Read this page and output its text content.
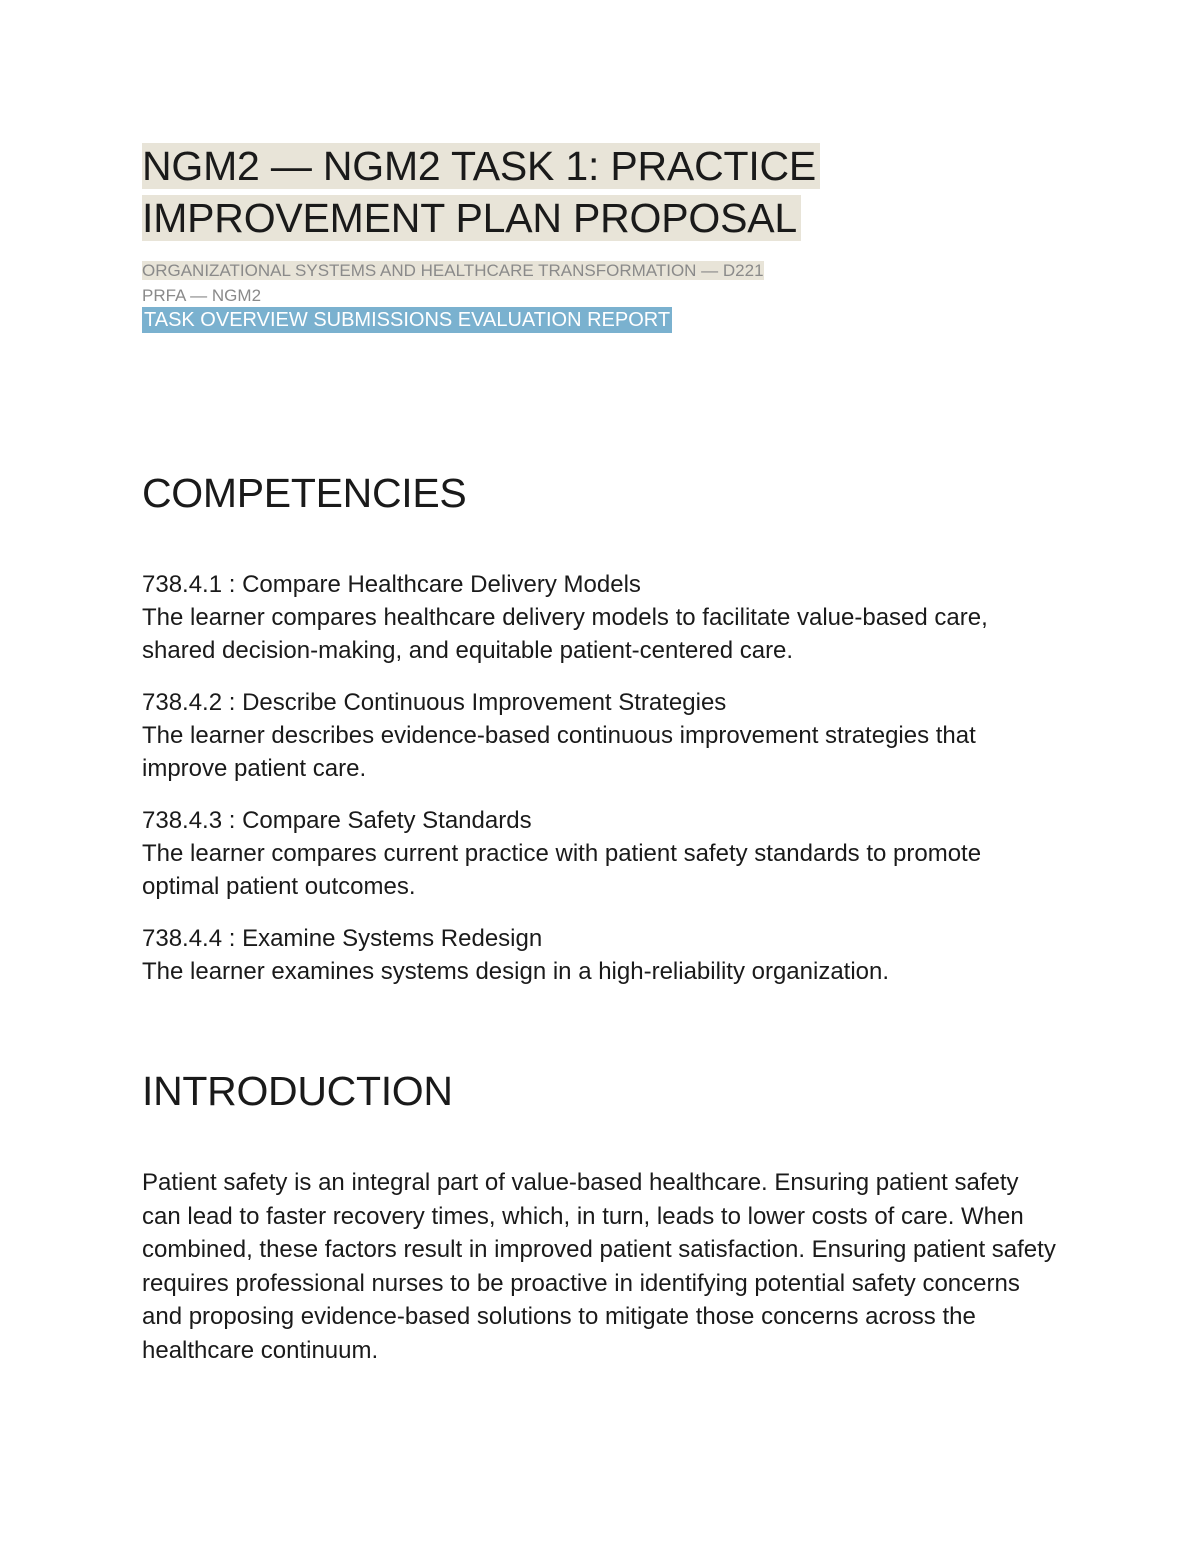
NGM2 — NGM2 TASK 1: PRACTICE
IMPROVEMENT PLAN PROPOSAL
ORGANIZATIONAL SYSTEMS AND HEALTHCARE TRANSFORMATION — D221
PRFA — NGM2
TASK OVERVIEW SUBMISSIONS EVALUATION REPORT
COMPETENCIES
738.4.1 : Compare Healthcare Delivery Models
The learner compares healthcare delivery models to facilitate value-based care, shared decision-making, and equitable patient-centered care.
738.4.2 : Describe Continuous Improvement Strategies
The learner describes evidence-based continuous improvement strategies that improve patient care.
738.4.3 : Compare Safety Standards
The learner compares current practice with patient safety standards to promote optimal patient outcomes.
738.4.4 : Examine Systems Redesign
The learner examines systems design in a high-reliability organization.
INTRODUCTION
Patient safety is an integral part of value-based healthcare. Ensuring patient safety can lead to faster recovery times, which, in turn, leads to lower costs of care. When combined, these factors result in improved patient satisfaction. Ensuring patient safety requires professional nurses to be proactive in identifying potential safety concerns and proposing evidence-based solutions to mitigate those concerns across the healthcare continuum.
